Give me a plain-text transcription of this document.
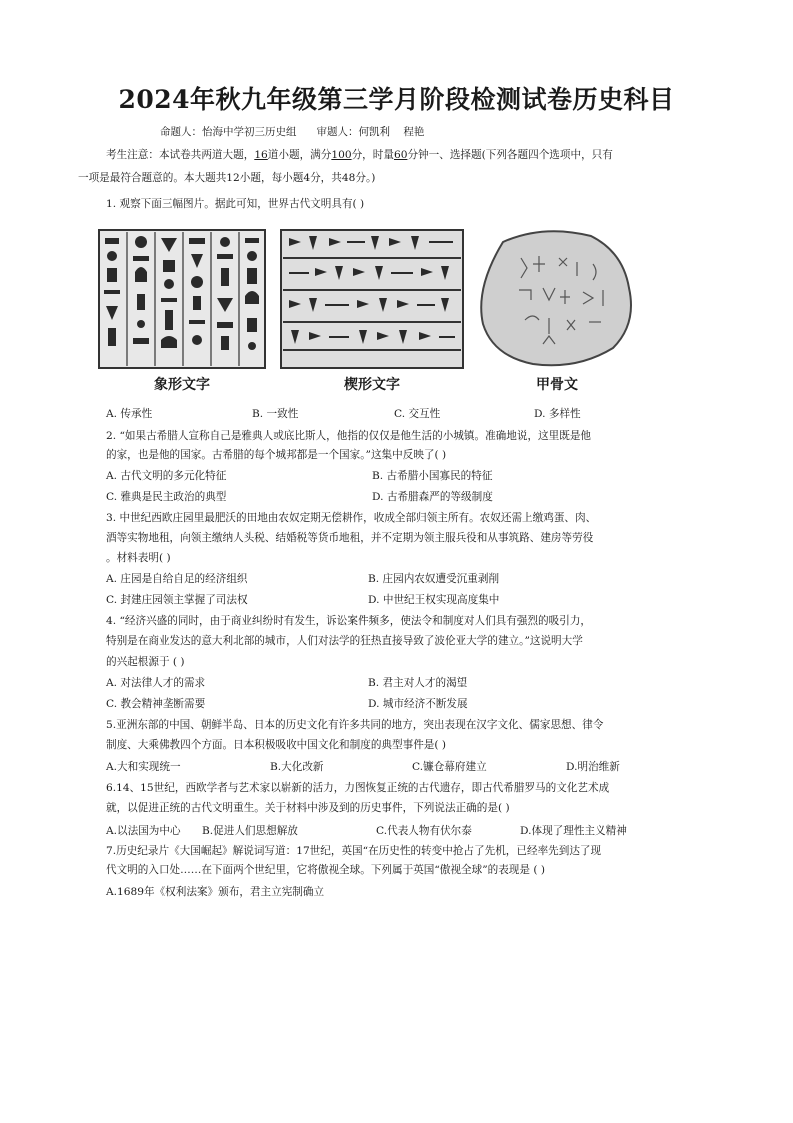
2024年秋九年级第三学月阶段检测试卷历史科目
命题人：怡海中学初三历史组      审题人：何凯利    程艳
考生注意：本试卷共两道大题，16道小题，满分100分，时量60分钟一、选择题(下列各题四个选项中，只有
一项是最符合题意的。本大题共12小题，每小题4分，共48分。)
1. 观察下面三幅图片。据此可知，世界古代文明具有( )
象形文字	楔形文字	甲骨文
A. 传承性	B. 一致性	C. 交互性	D. 多样性
2. “如果古希腊人宣称自己是雅典人或底比斯人，他指的仅仅是他生活的小城镇。准确地说，这里既是他
的家，也是他的国家。古希腊的每个城邦都是一个国家。”这集中反映了( )
A. 古代文明的多元化特征	B. 古希腊小国寡民的特征
C. 雅典是民主政治的典型	D. 古希腊森严的等级制度
3. 中世纪西欧庄园里最肥沃的田地由农奴定期无偿耕作，收成全部归领主所有。农奴还需上缴鸡蛋、肉、
酒等实物地租，向领主缴纳人头税、结婚税等货币地租，并不定期为领主服兵役和从事筑路、建房等劳役
。材料表明( )
A. 庄园是自给自足的经济组织	B. 庄园内农奴遭受沉重剥削
C. 封建庄园领主掌握了司法权	D. 中世纪王权实现高度集中
4. “经济兴盛的同时，由于商业纠纷时有发生，诉讼案件频多，使法令和制度对人们具有强烈的吸引力，
特别是在商业发达的意大利北部的城市，人们对法学的狂热直接导致了波伦亚大学的建立。”这说明大学
的兴起根源于 ( )
A. 对法律人才的需求	B. 君主对人才的渴望
C. 教会精神垄断需要	D. 城市经济不断发展
5.亚洲东部的中国、朝鲜半岛、日本的历史文化有许多共同的地方，突出表现在汉字文化、儒家思想、律令
制度、大乘佛教四个方面。日本积极吸收中国文化和制度的典型事件是( )
A.大和实现统一	B.大化改新	C.镰仓幕府建立	D.明治维新
6.14、15世纪，西欧学者与艺术家以崭新的活力，力图恢复正统的古代遗存，即古代希腊罗马的文化艺术成
就，以促进正统的古代文明重生。关于材料中涉及到的历史事件，下列说法正确的是( )
A.以法国为中心 B.促进人们思想解放	C.代表人物有伏尔泰	D.体现了理性主义精神
7.历史纪录片《大国崛起》解说词写道：17世纪，英国“在历史性的转变中抢占了先机，已经率先到达了现
代文明的入口处……在下面两个世纪里，它将傲视全球。下列属于英国“傲视全球”的表现是 ( )
A.1689年《权利法案》颁布，君主立宪制确立
